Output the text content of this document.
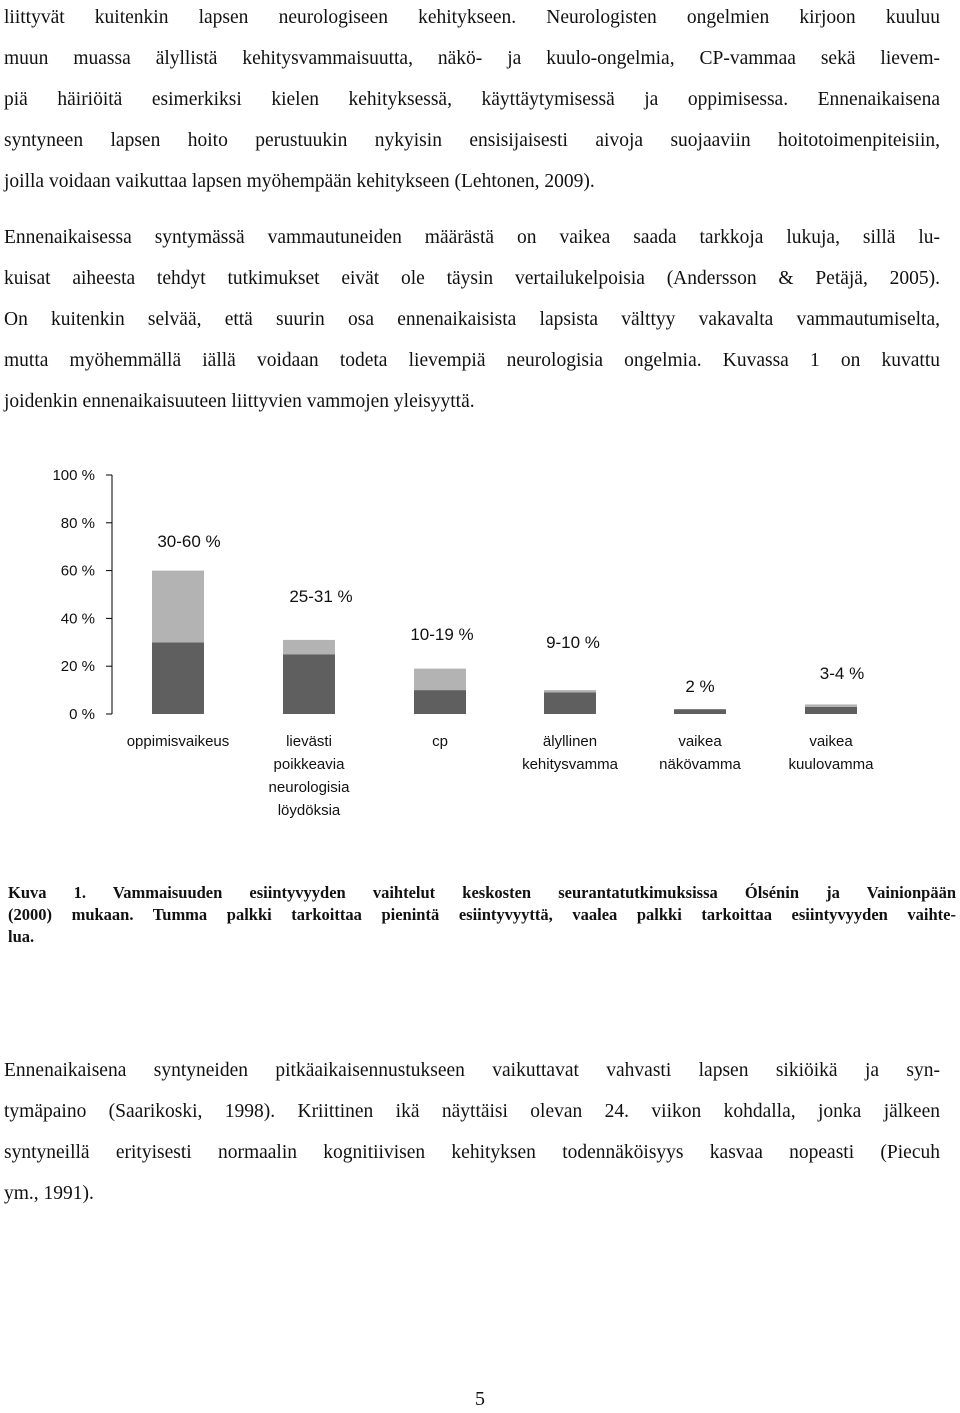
liittyvät kuitenkin lapsen neurologiseen kehitykseen. Neurologisten ongelmien kirjoon kuuluu
muun muassa älyllistä kehitysvammaisuutta, näkö- ja kuulo-ongelmia, CP-vammaa sekä lievem-
piä häiriöitä esimerkiksi kielen kehityksessä, käyttäytymisessä ja oppimisessa. Ennenaikaisena
syntyneen lapsen hoito perustuukin nykyisin ensisijaisesti aivoja suojaaviin hoitotoimenpiteisiin,
joilla voidaan vaikuttaa lapsen myöhempään kehitykseen (Lehtonen, 2009).
Ennenaikaisessa syntymässä vammautuneiden määrästä on vaikea saada tarkkoja lukuja, sillä lu-
kuisat aiheesta tehdyt tutkimukset eivät ole täysin vertailukelpoisia (Andersson & Petäjä, 2005).
On kuitenkin selvää, että suurin osa ennenaikaisista lapsista välttyy vakavalta vammautumiselta,
mutta myöhemmällä iällä voidaan todeta lievempiä neurologisia ongelmia. Kuvassa 1 on kuvattu
joidenkin ennenaikaisuuteen liittyvien vammojen yleisyyttä.
100 %
80 %
60 %
40 %
20 %
0 %
30-60 %
25-31 %
10-19 %	9-10 %
2 %
3-4 %
oppimisvaikeus	lievästi
poikkeavia
neurologisia
löydöksia
cp	älyllinen
kehitysvamma
vaikea
näkövamma
vaikea
kuulovamma
Kuva 1. Vammaisuuden esiintyvyyden vaihtelut keskosten seurantatutkimuksissa Ólsénin ja Vainionpään
(2000) mukaan. Tumma palkki tarkoittaa pienintä esiintyvyyttä, vaalea palkki tarkoittaa esiintyvyyden vaihte-
lua.
Ennenaikaisena syntyneiden pitkäaikaisennustukseen vaikuttavat vahvasti lapsen sikiöikä ja syn-
tymäpaino (Saarikoski, 1998). Kriittinen ikä näyttäisi olevan 24. viikon kohdalla, jonka jälkeen
syntyneillä erityisesti normaalin kognitiivisen kehityksen todennäköisyys kasvaa nopeasti (Piecuh
ym., 1991).
5
